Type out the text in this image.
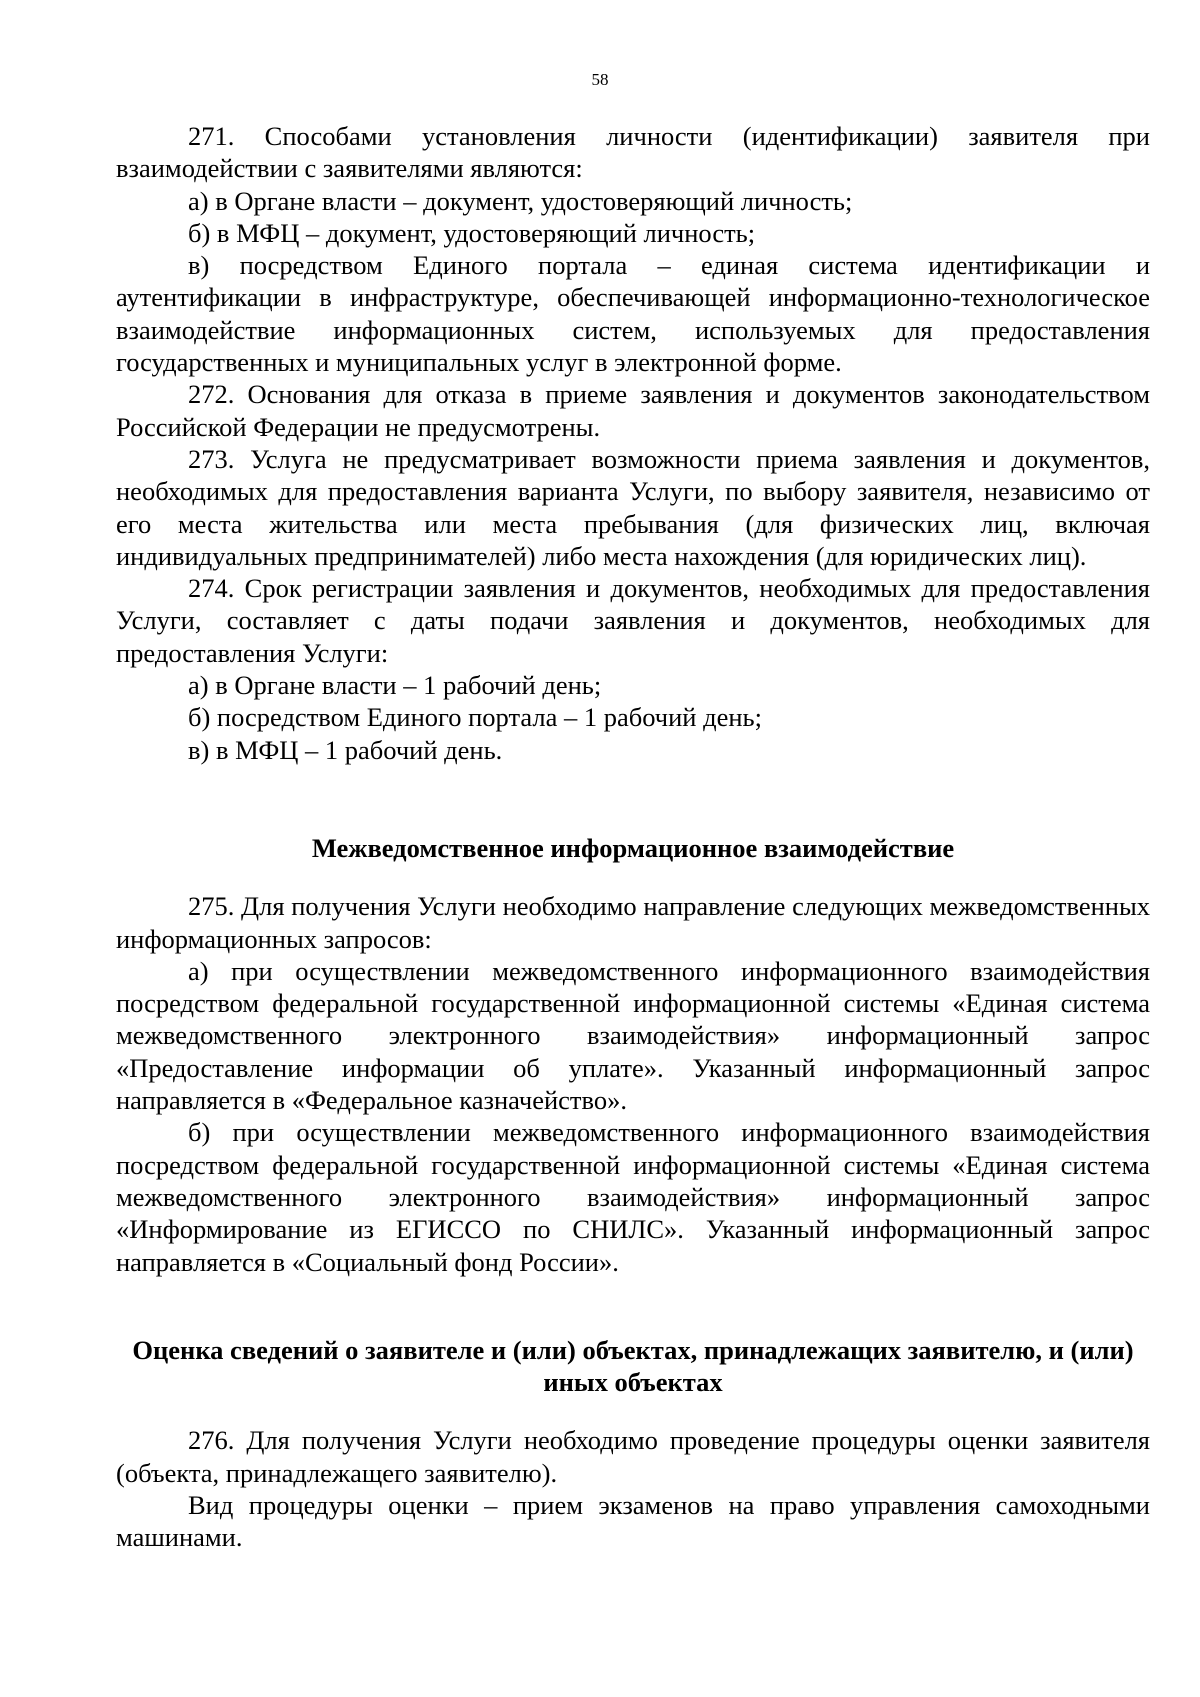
58

271. Способами установления личности (идентификации) заявителя при взаимодействии с заявителями являются:

а) в Органе власти – документ, удостоверяющий личность;

б) в МФЦ – документ, удостоверяющий личность;

в) посредством Единого портала – единая система идентификации и аутентификации в инфраструктуре, обеспечивающей информационно-технологическое взаимодействие информационных систем, используемых для предоставления государственных и муниципальных услуг в электронной форме.

272. Основания для отказа в приеме заявления и документов законодательством Российской Федерации не предусмотрены.

273. Услуга не предусматривает возможности приема заявления и документов, необходимых для предоставления варианта Услуги, по выбору заявителя, независимо от его места жительства или места пребывания (для физических лиц, включая индивидуальных предпринимателей) либо места нахождения (для юридических лиц).

274. Срок регистрации заявления и документов, необходимых для предоставления Услуги, составляет с даты подачи заявления и документов, необходимых для предоставления Услуги:

а) в Органе власти – 1 рабочий день;

б) посредством Единого портала – 1 рабочий день;

в) в МФЦ – 1 рабочий день.

Межведомственное информационное взаимодействие

275. Для получения Услуги необходимо направление следующих межведомственных информационных запросов:

а) при осуществлении межведомственного информационного взаимодействия посредством федеральной государственной информационной системы «Единая система межведомственного электронного взаимодействия» информационный запрос «Предоставление информации об уплате». Указанный информационный запрос направляется в «Федеральное казначейство».

б) при осуществлении межведомственного информационного взаимодействия посредством федеральной государственной информационной системы «Единая система межведомственного электронного взаимодействия» информационный запрос «Информирование из ЕГИССО по СНИЛС». Указанный информационный запрос направляется в «Социальный фонд России».

Оценка сведений о заявителе и (или) объектах, принадлежащих заявителю, и (или) иных объектах

276. Для получения Услуги необходимо проведение процедуры оценки заявителя (объекта, принадлежащего заявителю).

Вид процедуры оценки – прием экзаменов на право управления самоходными машинами.
